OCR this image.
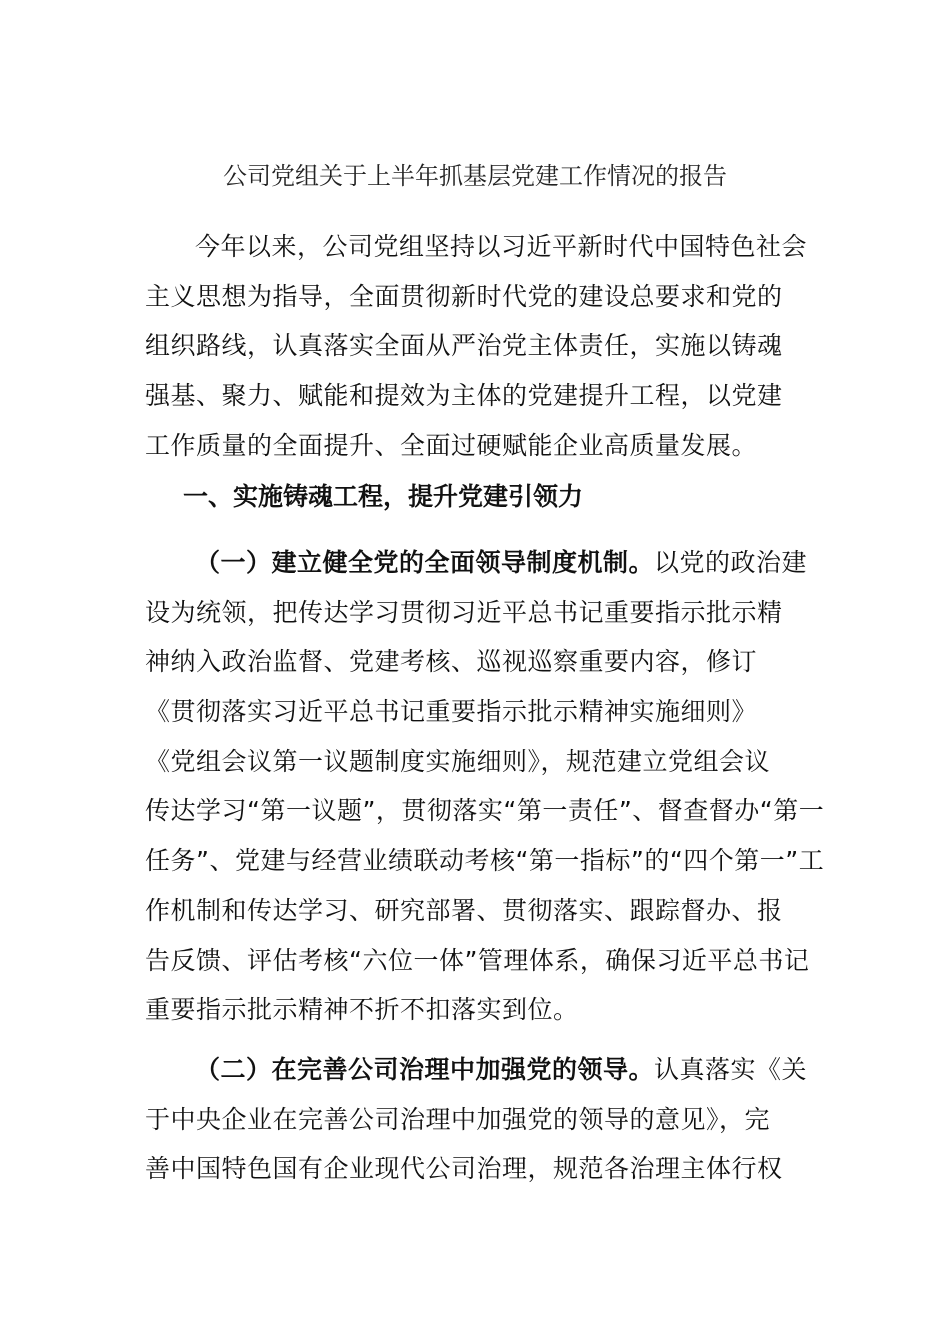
公司党组关于上半年抓基层党建工作情况的报告
今年以来，公司党组坚持以习近平新时代中国特色社会
主义思想为指导，全面贯彻新时代党的建设总要求和党的
组织路线，认真落实全面从严治党主体责任，实施以铸魂
强基、聚力、赋能和提效为主体的党建提升工程，以党建
工作质量的全面提升、全面过硬赋能企业高质量发展。
一、实施铸魂工程，提升党建引领力
（一）建立健全党的全面领导制度机制。以党的政治建
设为统领，把传达学习贯彻习近平总书记重要指示批示精
神纳入政治监督、党建考核、巡视巡察重要内容，修订
《贯彻落实习近平总书记重要指示批示精神实施细则》
《党组会议第一议题制度实施细则》，规范建立党组会议
传达学习“第一议题”，贯彻落实“第一责任”、督查督办“第一
任务”、党建与经营业绩联动考核“第一指标”的“四个第一”工
作机制和传达学习、研究部署、贯彻落实、跟踪督办、报
告反馈、评估考核“六位一体”管理体系，确保习近平总书记
重要指示批示精神不折不扣落实到位。
（二）在完善公司治理中加强党的领导。认真落实《关
于中央企业在完善公司治理中加强党的领导的意见》，完
善中国特色国有企业现代公司治理，规范各治理主体行权
